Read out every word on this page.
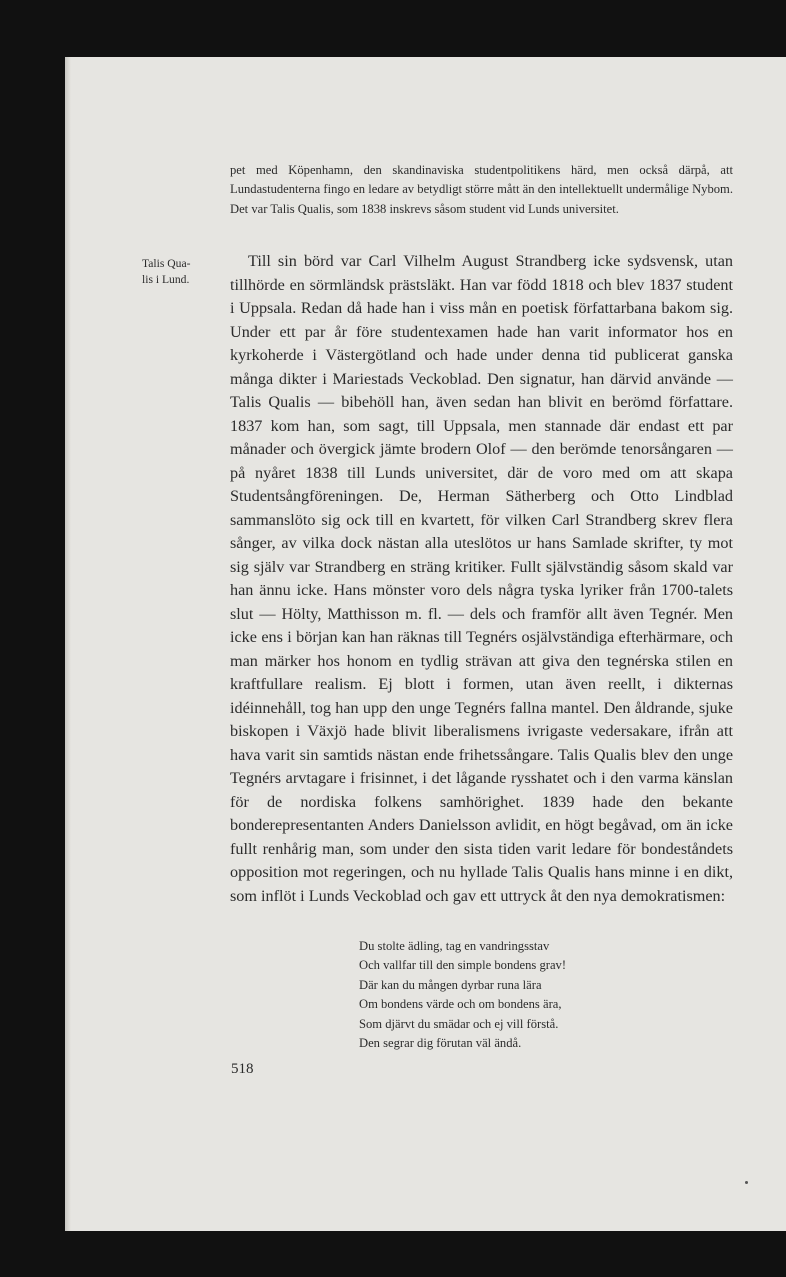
pet med Köpenhamn, den skandinaviska studentpolitikens härd, men också därpå, att Lundastudenterna fingo en ledare av betydligt större mått än den intellektuellt undermålige Nybom. Det var Talis Qualis, som 1838 inskrevs såsom student vid Lunds universitet.

Talis Qua-
lis i Lund.

Till sin börd var Carl Vilhelm August Strandberg icke sydsvensk, utan tillhörde en sörmländsk prästsläkt. Han var född 1818 och blev 1837 student i Uppsala. Redan då hade han i viss mån en poetisk författarbana bakom sig. Under ett par år före studentexamen hade han varit informator hos en kyrkoherde i Västergötland och hade under denna tid publicerat ganska många dikter i Mariestads Veckoblad. Den signatur, han därvid använde — Talis Qualis — bibehöll han, även sedan han blivit en berömd författare. 1837 kom han, som sagt, till Uppsala, men stannade där endast ett par månader och övergick jämte brodern Olof — den berömde tenorsångaren — på nyåret 1838 till Lunds universitet, där de voro med om att skapa Studentsångföreningen. De, Herman Sätherberg och Otto Lindblad sammanslöto sig ock till en kvartett, för vilken Carl Strandberg skrev flera sånger, av vilka dock nästan alla uteslötos ur hans Samlade skrifter, ty mot sig själv var Strandberg en sträng kritiker. Fullt självständig såsom skald var han ännu icke. Hans mönster voro dels några tyska lyriker från 1700-talets slut — Hölty, Matthisson m. fl. — dels och framför allt även Tegnér. Men icke ens i början kan han räknas till Tegnérs osjälvständiga efterhärmare, och man märker hos honom en tydlig strävan att giva den tegnérska stilen en kraftfullare realism. Ej blott i formen, utan även reellt, i dikternas idéinnehåll, tog han upp den unge Tegnérs fallna mantel. Den åldrande, sjuke biskopen i Växjö hade blivit liberalismens ivrigaste vedersakare, ifrån att hava varit sin samtids nästan ende frihetssångare. Talis Qualis blev den unge Tegnérs arvtagare i frisinnet, i det lågande rysshatet och i den varma känslan för de nordiska folkens samhörighet. 1839 hade den bekante bonderepresentanten Anders Danielsson avlidit, en högt begåvad, om än icke fullt renhårig man, som under den sista tiden varit ledare för bondeståndets opposition mot regeringen, och nu hyllade Talis Qualis hans minne i en dikt, som inflöt i Lunds Veckoblad och gav ett uttryck åt den nya demokratismen:

Du stolte ädling, tag en vandringsstav
Och vallfar till den simple bondens grav!
Där kan du mången dyrbar runa lära
Om bondens värde och om bondens ära,
Som djärvt du smädar och ej vill förstå.
Den segrar dig förutan väl ändå.
518
